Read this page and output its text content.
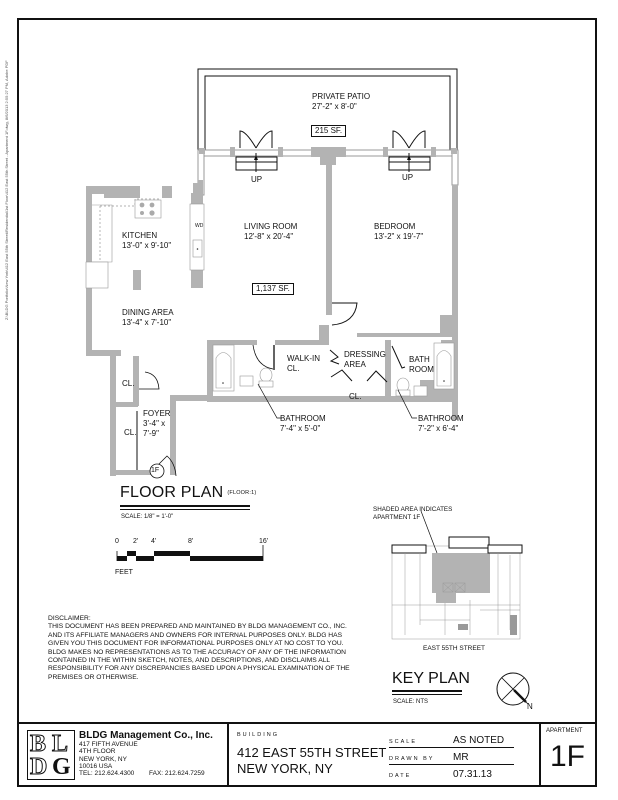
Z:\BLDG Portfolio\New York\412 East 55th Street\Residential\1st Floor\412 East 55th Street - Apartment 1F.dwg, 8/6/2013 2:55:27 PM, Adobe PDF	PRIVATE PATIO
27'-2" x 8'-0"
215 SF.
UP	UP
KITCHEN
13'-0" x 9'-10"
WD	LIVING ROOM
12'-8" x 20'-4"
1,137 SF.
BEDROOM
13'-2" x 19'-7"
DINING AREA
13'-4" x 7'-10"
WALK-IN
CL.
DRESSING
AREA
BATH
ROOM
CL.
CL.
CL.
FOYER
3'-4" x
7'-9"
BATHROOM
7'-4" x 5'-0"
BATHROOM
7'-2" x 6'-4"
1F
FLOOR PLAN (FLOOR:1)
SCALE: 1/8" = 1'-0"
0 2' 4'	8'	16'
FEET
DISCLAIMER:
THIS DOCUMENT HAS BEEN PREPARED AND MAINTAINED BY BLDG MANAGEMENT CO., INC. AND ITS AFFILIATE MANAGERS AND OWNERS FOR INTERNAL PURPOSES ONLY. BLDG HAS GIVEN YOU THIS DOCUMENT FOR INFORMATIONAL PURPOSES ONLY AT NO COST TO YOU. BLDG MAKES NO REPRESENTATIONS AS TO THE ACCURACY OF ANY OF THE INFORMATION CONTAINED IN THE WITHIN SKETCH, NOTES, AND DESCRIPTIONS, AND DISCLAIMS ALL RESPONSIBILITY FOR ANY DISCREPANCIES BASED UPON A PHYSICAL EXAMINATION OF THE PREMISES OR OTHERWISE.
SHADED AREA INDICATES
APARTMENT 1F
EAST 55TH STREET
KEY PLAN
SCALE: NTS	N
B L
D G
BLDG Management Co., Inc.
417 FIFTH AVENUE
4TH FLOOR
NEW YORK, NY
10016 USA
TEL: 212.624.4300	FAX: 212.624.7259
BUILDING
412 EAST 55TH STREET
NEW YORK, NY
SCALE	AS NOTED
DRAWN BY MR
DATE	07.31.13
APARTMENT
1F
